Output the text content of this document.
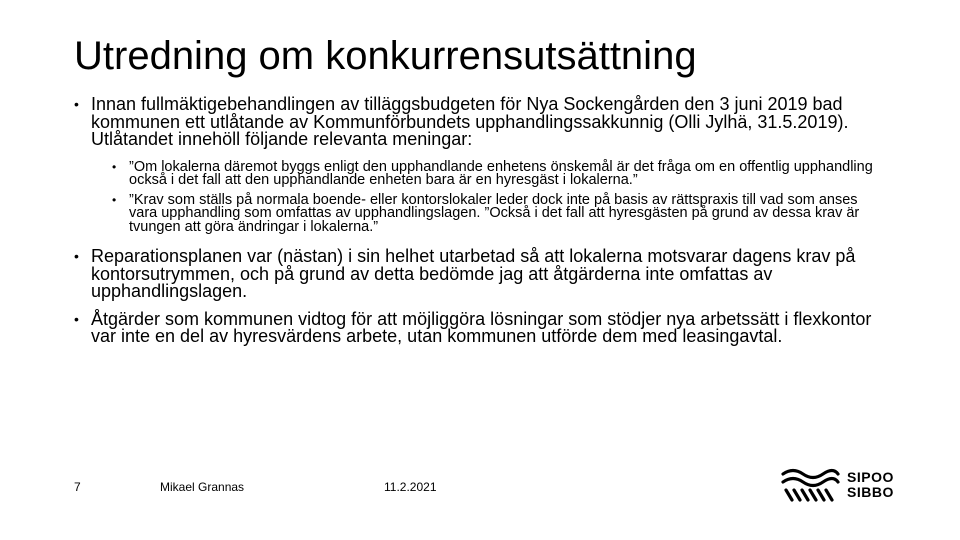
Utredning om konkurrensutsättning

• Innan fullmäktigebehandlingen av tilläggsbudgeten för Nya Sockengården den 3 juni 2019 bad kommunen ett utlåtande av Kommunförbundets upphandlingssakkunnig (Olli Jylhä, 31.5.2019). Utlåtandet innehöll följande relevanta meningar:

• ”Om lokalerna däremot byggs enligt den upphandlande enhetens önskemål är det fråga om en offentlig upphandling också i det fall att den upphandlande enheten bara är en hyresgäst i lokalerna.”

• ”Krav som ställs på normala boende- eller kontorslokaler leder dock inte på basis av rättspraxis till vad som anses vara upphandling som omfattas av upphandlingslagen. ”Också i det fall att hyresgästen på grund av dessa krav är tvungen att göra ändringar i lokalerna.”

• Reparationsplanen var (nästan) i sin helhet utarbetad så att lokalerna motsvarar dagens krav på kontorsutrymmen, och på grund av detta bedömde jag att åtgärderna inte omfattas av upphandlingslagen.

• Åtgärder som kommunen vidtog för att möjliggöra lösningar som stödjer nya arbetssätt i flexkontor var inte en del av hyresvärdens arbete, utan kommunen utförde dem med leasingavtal.

7	Mikael Grannas	11.2.2021
SIPOO
SIBBO
